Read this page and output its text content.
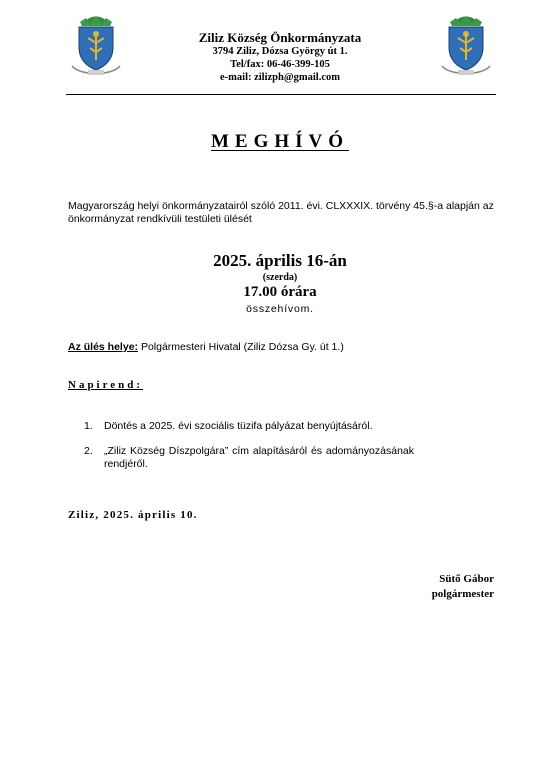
Ziliz Község Önkormányzata
3794 Ziliz, Dózsa György út 1.
Tel/fax: 06-46-399-105
e-mail: zilizph@gmail.com
MEGHÍVÓ
Magyarország helyi önkormányzatairól szóló 2011. évi. CLXXXIX. törvény 45.§-a alapján az önkormányzat rendkívüli testületi ülését
2025. április 16-án
(szerda)
17.00 órára
összehívom.
Az ülés helye: Polgármesteri Hivatal (Ziliz Dózsa Gy. út 1.)
Napirend:
1.	Döntés a 2025. évi szociális tüzifa pályázat benyújtásáról.
2.	„Ziliz Község Díszpolgára” cím alapításáról és adományozásának rendjéről.
Ziliz, 2025. április 10.
Sütő Gábor
polgármester
